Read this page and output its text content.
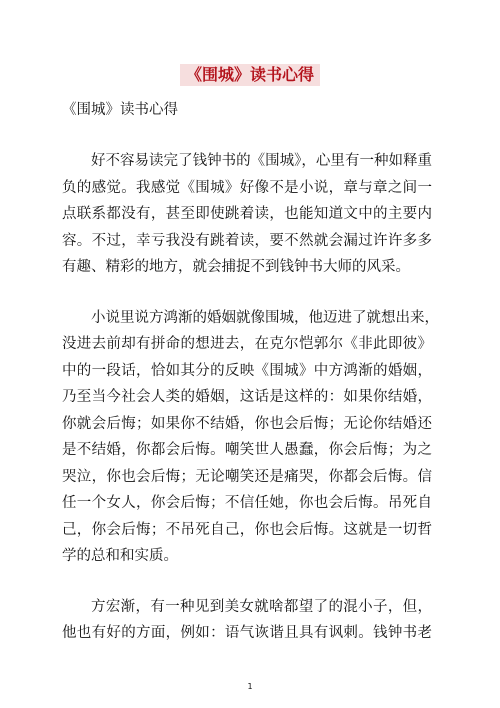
《围城》读书心得
《围城》读书心得
好不容易读完了钱钟书的《围城》，心里有一种如释重
负的感觉。我感觉《围城》好像不是小说，章与章之间一
点联系都没有，甚至即使跳着读，也能知道文中的主要内
容。不过，幸亏我没有跳着读，要不然就会漏过许许多多
有趣、精彩的地方，就会捕捉不到钱钟书大师的风采。
小说里说方鸿渐的婚姻就像围城，他迈进了就想出来，
没进去前却有拼命的想进去，在克尔恺郭尔《非此即彼》
中的一段话，恰如其分的反映《围城》中方鸿渐的婚姻，
乃至当今社会人类的婚姻，这话是这样的：如果你结婚，
你就会后悔；如果你不结婚，你也会后悔；无论你结婚还
是不结婚，你都会后悔。嘲笑世人愚蠢，你会后悔；为之
哭泣，你也会后悔；无论嘲笑还是痛哭，你都会后悔。信
任一个女人，你会后悔；不信任她，你也会后悔。吊死自
己，你会后悔；不吊死自己，你也会后悔。这就是一切哲
学的总和和实质。
方宏渐，有一种见到美女就啥都望了的混小子，但，
他也有好的方面，例如：语气诙谐且具有讽刺。钱钟书老
1
